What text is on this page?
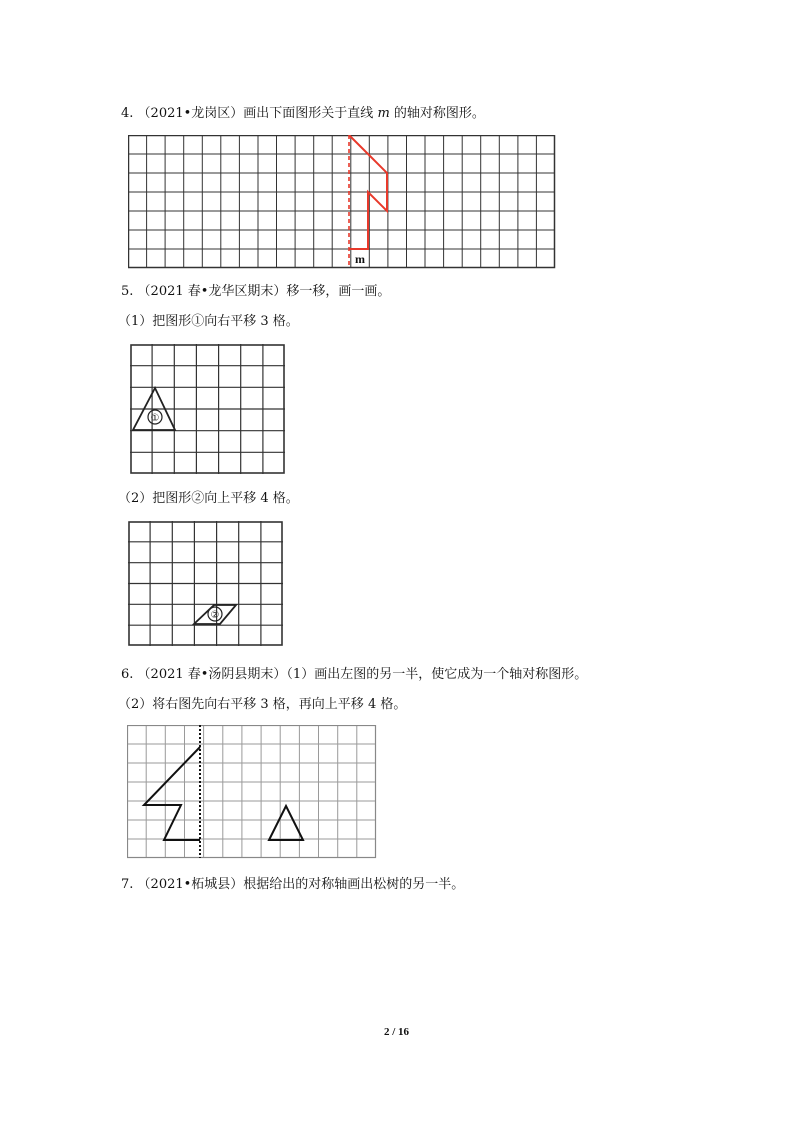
4. （2021•龙岗区）画出下面图形关于直线 m 的轴对称图形。
m
5. （2021 春•龙华区期末）移一移，画一画。
（1）把图形①向右平移 3 格。
①
（2）把图形②向上平移 4 格。
②
6. （2021 春•汤阴县期末）（1）画出左图的另一半，使它成为一个轴对称图形。
（2）将右图先向右平移 3 格，再向上平移 4 格。
7. （2021•柘城县）根据给出的对称轴画出松树的另一半。
2 / 16
